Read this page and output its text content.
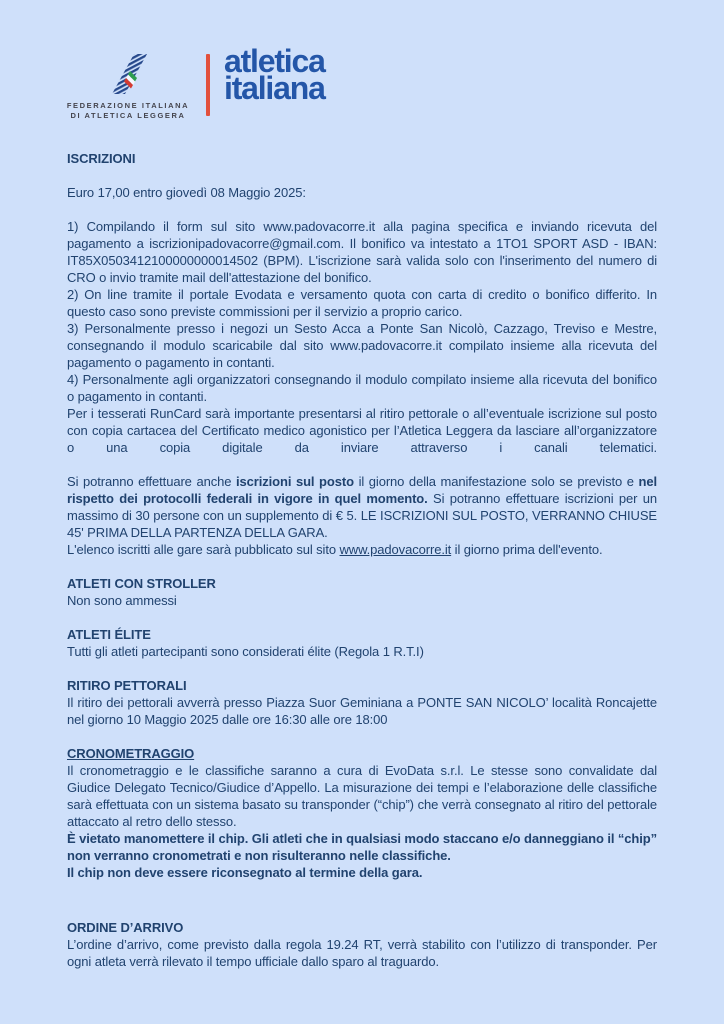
FEDERAZIONE ITALIANA
DI ATLETICA LEGGERA
atletica
italiana
ISCRIZIONI

Euro 17,00 entro giovedì 08 Maggio 2025:

1) Compilando il form sul sito www.padovacorre.it alla pagina specifica e inviando ricevuta del pagamento a iscrizionipadovacorre@gmail.com. Il bonifico va intestato a 1TO1 SPORT ASD - IBAN: IT85X0503412100000000014502 (BPM). L'iscrizione sarà valida solo con l'inserimento del numero di CRO o invio tramite mail dell'attestazione del bonifico.

2) On line tramite il portale Evodata e versamento quota con carta di credito o bonifico differito. In questo caso sono previste commissioni per il servizio a proprio carico.

3) Personalmente presso i negozi un Sesto Acca a Ponte San Nicolò, Cazzago, Treviso e Mestre, consegnando il modulo scaricabile dal sito www.padovacorre.it compilato insieme alla ricevuta del pagamento o pagamento in contanti.

4) Personalmente agli organizzatori consegnando il modulo compilato insieme alla ricevuta del bonifico o pagamento in contanti.

Per i tesserati RunCard sarà importante presentarsi al ritiro pettorale o all’eventuale iscrizione sul posto con copia cartacea del Certificato medico agonistico per l’Atletica Leggera da lasciare all’organizzatore o una copia digitale da inviare attraverso i canali telematici.

Si potranno effettuare anche iscrizioni sul posto il giorno della manifestazione solo se previsto e nel rispetto dei protocolli federali in vigore in quel momento. Si potranno effettuare iscrizioni per un massimo di 30 persone con un supplemento di € 5. LE ISCRIZIONI SUL POSTO, VERRANNO CHIUSE 45' PRIMA DELLA PARTENZA DELLA GARA.

L'elenco iscritti alle gare sarà pubblicato sul sito www.padovacorre.it il giorno prima dell'evento.

ATLETI CON STROLLER

Non sono ammessi

ATLETI ÉLITE

Tutti gli atleti partecipanti sono considerati élite (Regola 1 R.T.I)

RITIRO PETTORALI

Il ritiro dei pettorali avverrà presso Piazza Suor Geminiana a PONTE SAN NICOLO’ località Roncajette nel giorno 10 Maggio 2025 dalle ore 16:30 alle ore 18:00

CRONOMETRAGGIO

Il cronometraggio e le classifiche saranno a cura di EvoData s.r.l. Le stesse sono convalidate dal Giudice Delegato Tecnico/Giudice d’Appello. La misurazione dei tempi e l’elaborazione delle classifiche sarà effettuata con un sistema basato su transponder (“chip”) che verrà consegnato al ritiro del pettorale attaccato al retro dello stesso.

È vietato manomettere il chip. Gli atleti che in qualsiasi modo staccano e/o danneggiano il “chip” non verranno cronometrati e non risulteranno nelle classifiche.

Il chip non deve essere riconsegnato al termine della gara.

ORDINE D’ARRIVO

L’ordine d’arrivo, come previsto dalla regola 19.24 RT, verrà stabilito con l’utilizzo di transponder. Per ogni atleta verrà rilevato il tempo ufficiale dallo sparo al traguardo.
